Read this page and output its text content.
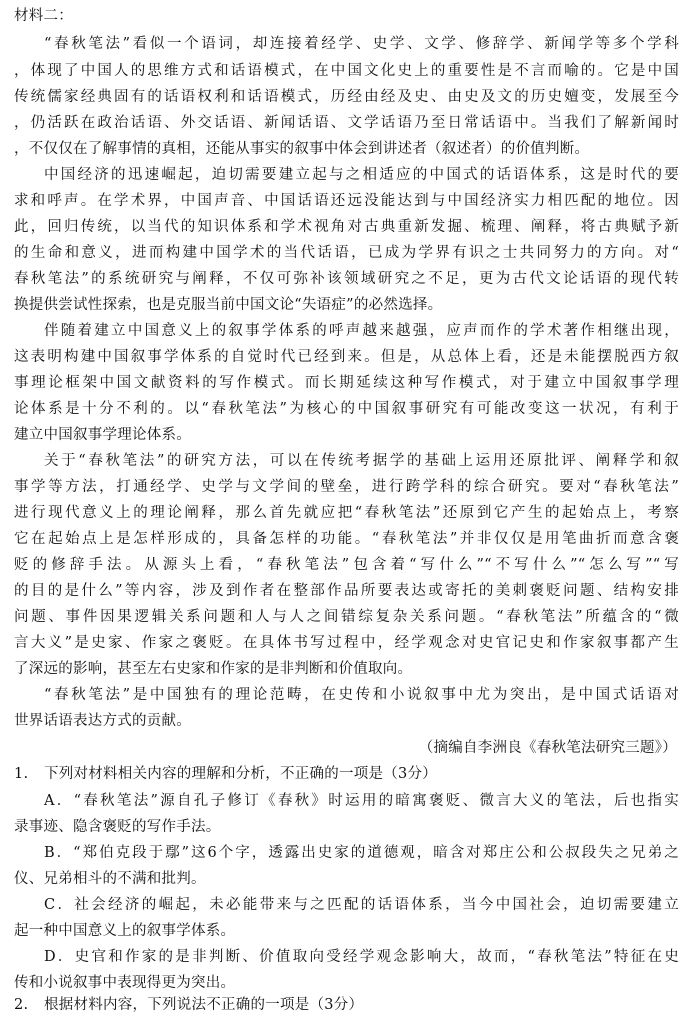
材料二：
“春秋笔法”看似一个语词，却连接着经学、史学、文学、修辞学、新闻学等多个学科
，体现了中国人的思维方式和话语模式，在中国文化史上的重要性是不言而喻的。它是中国
传统儒家经典固有的话语权利和话语模式，历经由经及史、由史及文的历史嬗变，发展至今
，仍活跃在政治话语、外交话语、新闻话语、文学话语乃至日常话语中。当我们了解新闻时
，不仅仅在了解事情的真相，还能从事实的叙事中体会到讲述者（叙述者）的价值判断。
中国经济的迅速崛起，迫切需要建立起与之相适应的中国式的话语体系，这是时代的要
求和呼声。在学术界，中国声音、中国话语还远没能达到与中国经济实力相匹配的地位。因
此，回归传统，以当代的知识体系和学术视角对古典重新发掘、梳理、阐释，将古典赋予新
的生命和意义，进而构建中国学术的当代话语，已成为学界有识之士共同努力的方向。对“
春秋笔法”的系统研究与阐释，不仅可弥补该领域研究之不足，更为古代文论话语的现代转
换提供尝试性探索，也是克服当前中国文论“失语症”的必然选择。
伴随着建立中国意义上的叙事学体系的呼声越来越强，应声而作的学术著作相继出现，
这表明构建中国叙事学体系的自觉时代已经到来。但是，从总体上看，还是未能摆脱西方叙
事理论框架中国文献资料的写作模式。而长期延续这种写作模式，对于建立中国叙事学理
论体系是十分不利的。以“春秋笔法”为核心的中国叙事研究有可能改变这一状况，有利于
建立中国叙事学理论体系。
关于“春秋笔法”的研究方法，可以在传统考据学的基础上运用还原批评、阐释学和叙
事学等方法，打通经学、史学与文学间的壁垒，进行跨学科的综合研究。要对“春秋笔法”
进行现代意义上的理论阐释，那么首先就应把“春秋笔法”还原到它产生的起始点上，考察
它在起始点上是怎样形成的，具备怎样的功能。“春秋笔法”并非仅仅是用笔曲折而意含褒
贬的修辞手法。从源头上看，“春秋笔法”包含着“写什么”“不写什么”“怎么写”“写
的目的是什么”等内容，涉及到作者在整部作品所要表达或寄托的美刺褒贬问题、结构安排
问题、事件因果逻辑关系问题和人与人之间错综复杂关系问题。“春秋笔法”所蕴含的“微
言大义”是史家、作家之褒贬。在具体书写过程中，经学观念对史官记史和作家叙事都产生
了深远的影响，甚至左右史家和作家的是非判断和价值取向。
“春秋笔法”是中国独有的理论范畴，在史传和小说叙事中尤为突出，是中国式话语对
世界话语表达方式的贡献。
（摘编自李洲良《春秋笔法研究三题》）
1. 下列对材料相关内容的理解和分析，不正确的一项是（3分）
A．“春秋笔法”源自孔子修订《春秋》时运用的暗寓褒贬、微言大义的笔法，后也指实
录事迹、隐含褒贬的写作手法。
B．“郑伯克段于鄢”这6个字，透露出史家的道德观，暗含对郑庄公和公叔段失之兄弟之
仪、兄弟相斗的不满和批判。
C．社会经济的崛起，未必能带来与之匹配的话语体系，当今中国社会，迫切需要建立
起一种中国意义上的叙事学体系。
D．史官和作家的是非判断、价值取向受经学观念影响大，故而，“春秋笔法”特征在史
传和小说叙事中表现得更为突出。
2. 根据材料内容，下列说法不正确的一项是（3分）
